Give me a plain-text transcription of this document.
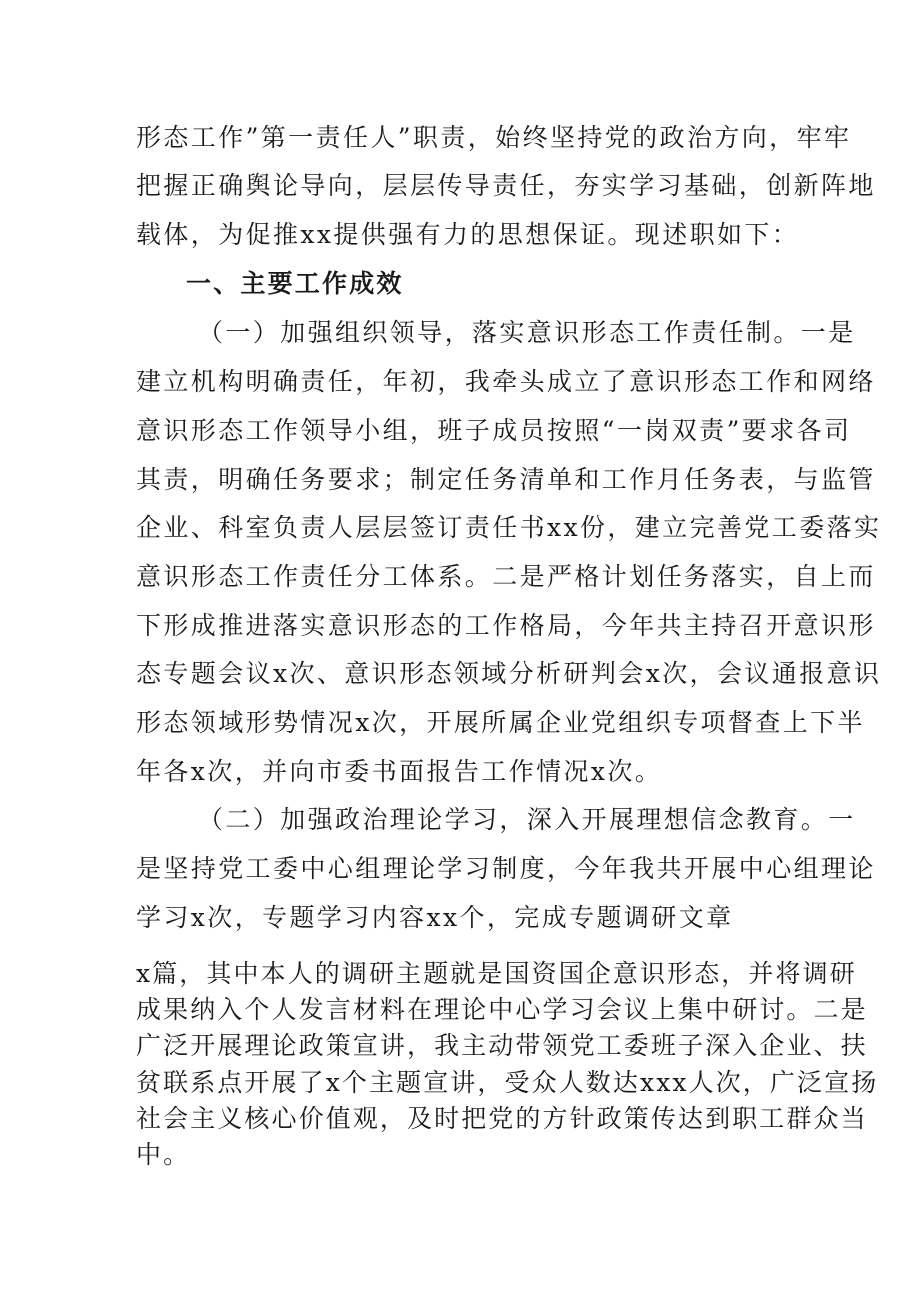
形态工作”第一责任人”职责，始终坚持党的政治方向，牢牢
把握正确舆论导向，层层传导责任，夯实学习基础，创新阵地
载体，为促推xx提供强有力的思想保证。现述职如下：
一、主要工作成效
（一）加强组织领导，落实意识形态工作责任制。一是
建立机构明确责任，年初，我牵头成立了意识形态工作和网络
意识形态工作领导小组，班子成员按照“一岗双责”要求各司
其责，明确任务要求；制定任务清单和工作月任务表，与监管
企业、科室负责人层层签订责任书xx份，建立完善党工委落实
意识形态工作责任分工体系。二是严格计划任务落实，自上而
下形成推进落实意识形态的工作格局，今年共主持召开意识形
态专题会议x次、意识形态领域分析研判会x次，会议通报意识
形态领域形势情况x次，开展所属企业党组织专项督查上下半
年各x次，并向市委书面报告工作情况x次。
（二）加强政治理论学习，深入开展理想信念教育。一
是坚持党工委中心组理论学习制度，今年我共开展中心组理论
学习x次，专题学习内容xx个，完成专题调研文章
x篇，其中本人的调研主题就是国资国企意识形态，并将调研
成果纳入个人发言材料在理论中心学习会议上集中研讨。二是
广泛开展理论政策宣讲，我主动带领党工委班子深入企业、扶
贫联系点开展了x个主题宣讲，受众人数达xxx人次，广泛宣扬
社会主义核心价值观，及时把党的方针政策传达到职工群众当
中。
